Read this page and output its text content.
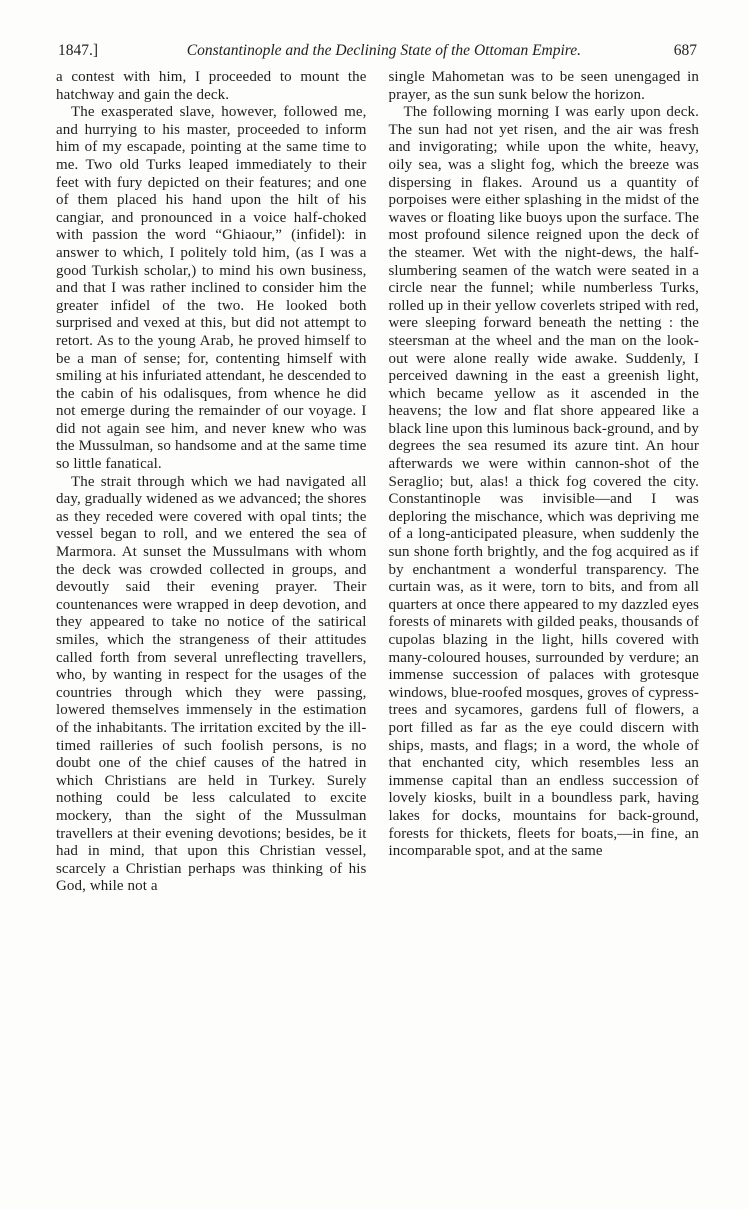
1847.]	Constantinople and the Declining State of the Ottoman Empire.	687

a contest with him, I proceeded to mount the hatchway and gain the deck.

The exasperated slave, however, followed me, and hurrying to his master, proceeded to inform him of my escapade, pointing at the same time to me. Two old Turks leaped immediately to their feet with fury depicted on their features; and one of them placed his hand upon the hilt of his cangiar, and pronounced in a voice half-choked with passion the word “Ghiaour,” (infidel): in answer to which, I politely told him, (as I was a good Turkish scholar,) to mind his own business, and that I was rather inclined to consider him the greater infidel of the two. He looked both surprised and vexed at this, but did not attempt to retort. As to the young Arab, he proved himself to be a man of sense; for, contenting himself with smiling at his infuriated attendant, he descended to the cabin of his odalisques, from whence he did not emerge during the remainder of our voyage. I did not again see him, and never knew who was the Mussulman, so handsome and at the same time so little fanatical.

The strait through which we had navigated all day, gradually widened as we advanced; the shores as they receded were covered with opal tints; the vessel began to roll, and we entered the sea of Marmora. At sunset the Mussulmans with whom the deck was crowded collected in groups, and devoutly said their evening prayer. Their countenances were wrapped in deep devotion, and they appeared to take no notice of the satirical smiles, which the strangeness of their attitudes called forth from several unreflecting travellers, who, by wanting in respect for the usages of the countries through which they were passing, lowered themselves immensely in the estimation of the inhabitants. The irritation excited by the ill-timed railleries of such foolish persons, is no doubt one of the chief causes of the hatred in which Christians are held in Turkey. Surely nothing could be less calculated to excite mockery, than the sight of the Mussulman travellers at their evening devotions; besides, be it had in mind, that upon this Christian vessel, scarcely a Christian perhaps was thinking of his God, while not a

single Mahometan was to be seen unengaged in prayer, as the sun sunk below the horizon.

The following morning I was early upon deck. The sun had not yet risen, and the air was fresh and invigorating; while upon the white, heavy, oily sea, was a slight fog, which the breeze was dispersing in flakes. Around us a quantity of porpoises were either splashing in the midst of the waves or floating like buoys upon the surface. The most profound silence reigned upon the deck of the steamer. Wet with the night-dews, the half-slumbering seamen of the watch were seated in a circle near the funnel; while numberless Turks, rolled up in their yellow coverlets striped with red, were sleeping forward beneath the netting : the steersman at the wheel and the man on the look-out were alone really wide awake. Suddenly, I perceived dawning in the east a greenish light, which became yellow as it ascended in the heavens; the low and flat shore appeared like a black line upon this luminous back-ground, and by degrees the sea resumed its azure tint. An hour afterwards we were within cannon-shot of the Seraglio; but, alas! a thick fog covered the city. Constantinople was invisible—and I was deploring the mischance, which was depriving me of a long-anticipated pleasure, when suddenly the sun shone forth brightly, and the fog acquired as if by enchantment a wonderful transparency. The curtain was, as it were, torn to bits, and from all quarters at once there appeared to my dazzled eyes forests of minarets with gilded peaks, thousands of cupolas blazing in the light, hills covered with many-coloured houses, surrounded by verdure; an immense succession of palaces with grotesque windows, blue-roofed mosques, groves of cypress-trees and sycamores, gardens full of flowers, a port filled as far as the eye could discern with ships, masts, and flags; in a word, the whole of that enchanted city, which resembles less an immense capital than an endless succession of lovely kiosks, built in a boundless park, having lakes for docks, mountains for back-ground, forests for thickets, fleets for boats,—in fine, an incomparable spot, and at the same
